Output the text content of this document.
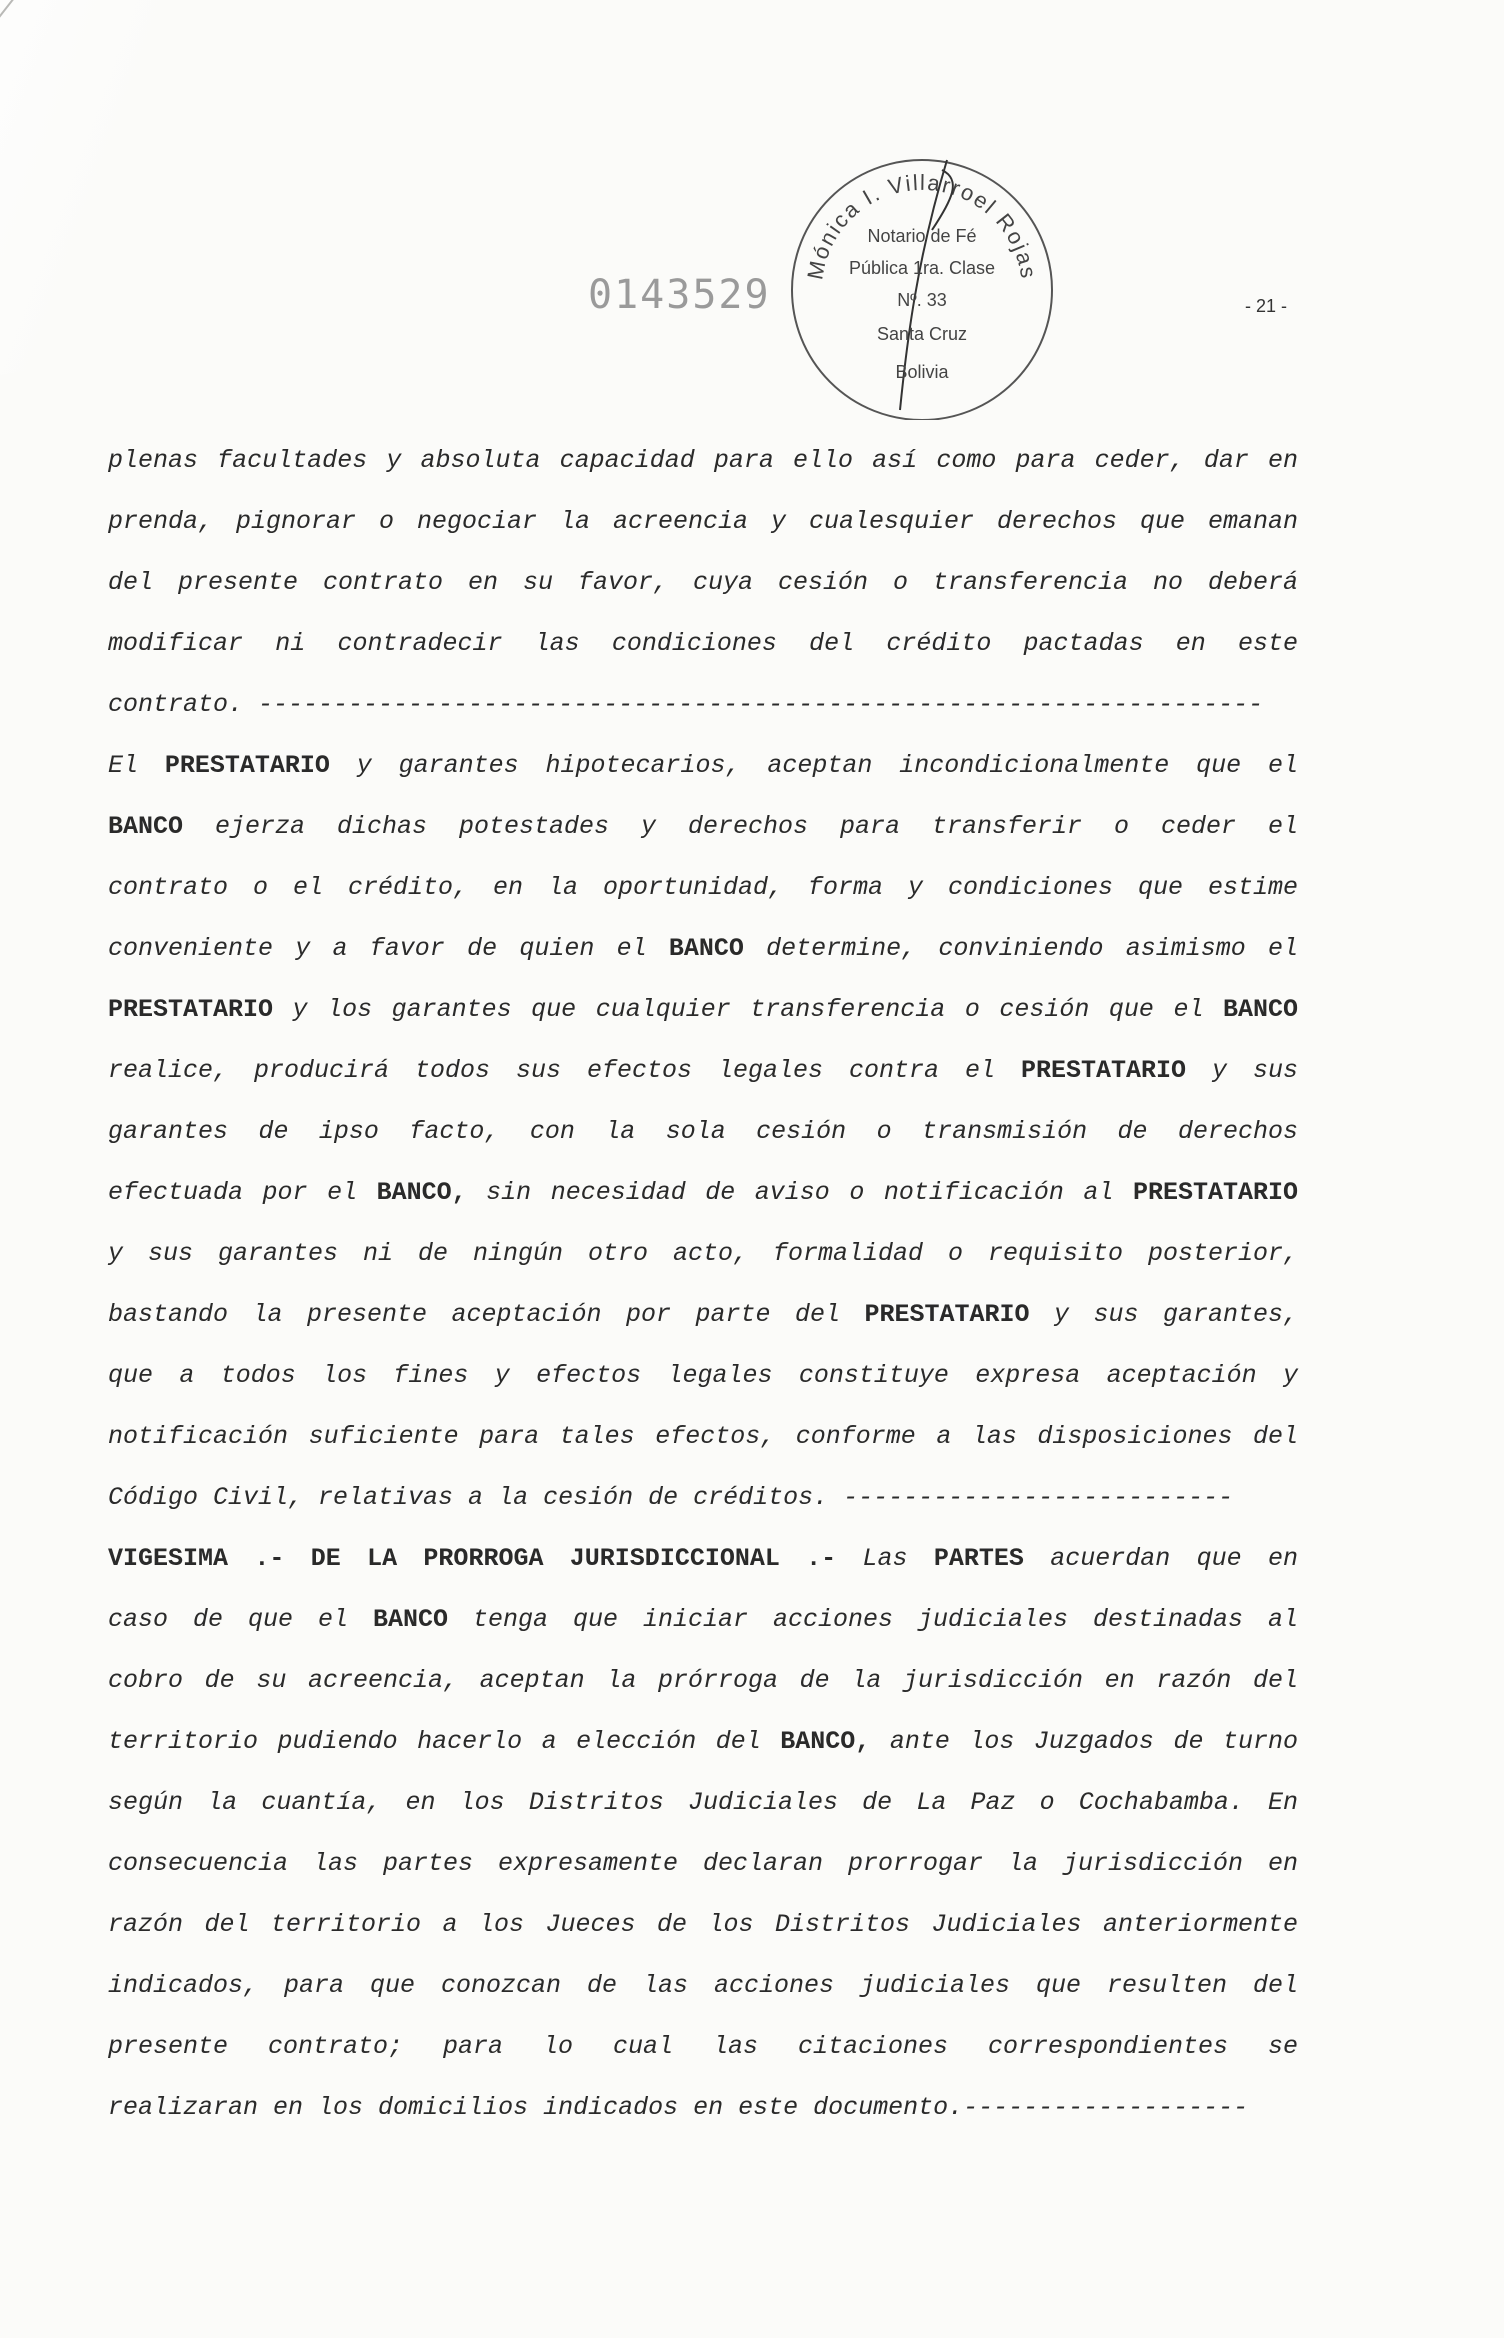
0143529
Mónica I. Villarroel Rojas
Notario de Fé
Pública 1ra. Clase
Nº. 33
Santa Cruz
Bolivia
- 21 -
plenas facultades y absoluta capacidad para ello así como para ceder, dar en
prenda, pignorar o negociar la acreencia y cualesquier derechos que emanan
del presente contrato en su favor, cuya cesión o transferencia no deberá
modificar ni contradecir las condiciones del crédito pactadas en este
contrato. -------------------------------------------------------------------
El PRESTATARIO y garantes hipotecarios, aceptan incondicionalmente que el
BANCO ejerza dichas potestades y derechos para transferir o ceder el
contrato o el crédito, en la oportunidad, forma y condiciones que estime
conveniente y a favor de quien el BANCO determine, conviniendo asimismo el
PRESTATARIO y los garantes que cualquier transferencia o cesión que el BANCO
realice, producirá todos sus efectos legales contra el PRESTATARIO y sus
garantes de ipso facto, con la sola cesión o transmisión de derechos
efectuada por el BANCO, sin necesidad de aviso o notificación al PRESTATARIO
y sus garantes ni de ningún otro acto, formalidad o requisito posterior,
bastando la presente aceptación por parte del PRESTATARIO y sus garantes,
que a todos los fines y efectos legales constituye expresa aceptación y
notificación suficiente para tales efectos, conforme a las disposiciones del
Código Civil, relativas a la cesión de créditos. --------------------------
VIGESIMA .- DE LA PRORROGA JURISDICCIONAL .- Las PARTES acuerdan que en
caso de que el BANCO tenga que iniciar acciones judiciales destinadas al
cobro de su acreencia, aceptan la prórroga de la jurisdicción en razón del
territorio pudiendo hacerlo a elección del BANCO, ante los Juzgados de turno
según la cuantía, en los Distritos Judiciales de La Paz o Cochabamba. En
consecuencia las partes expresamente declaran prorrogar la jurisdicción en
razón del territorio a los Jueces de los Distritos Judiciales anteriormente
indicados, para que conozcan de las acciones judiciales que resulten del
presente contrato; para lo cual las citaciones correspondientes se
realizaran en los domicilios indicados en este documento.-------------------
